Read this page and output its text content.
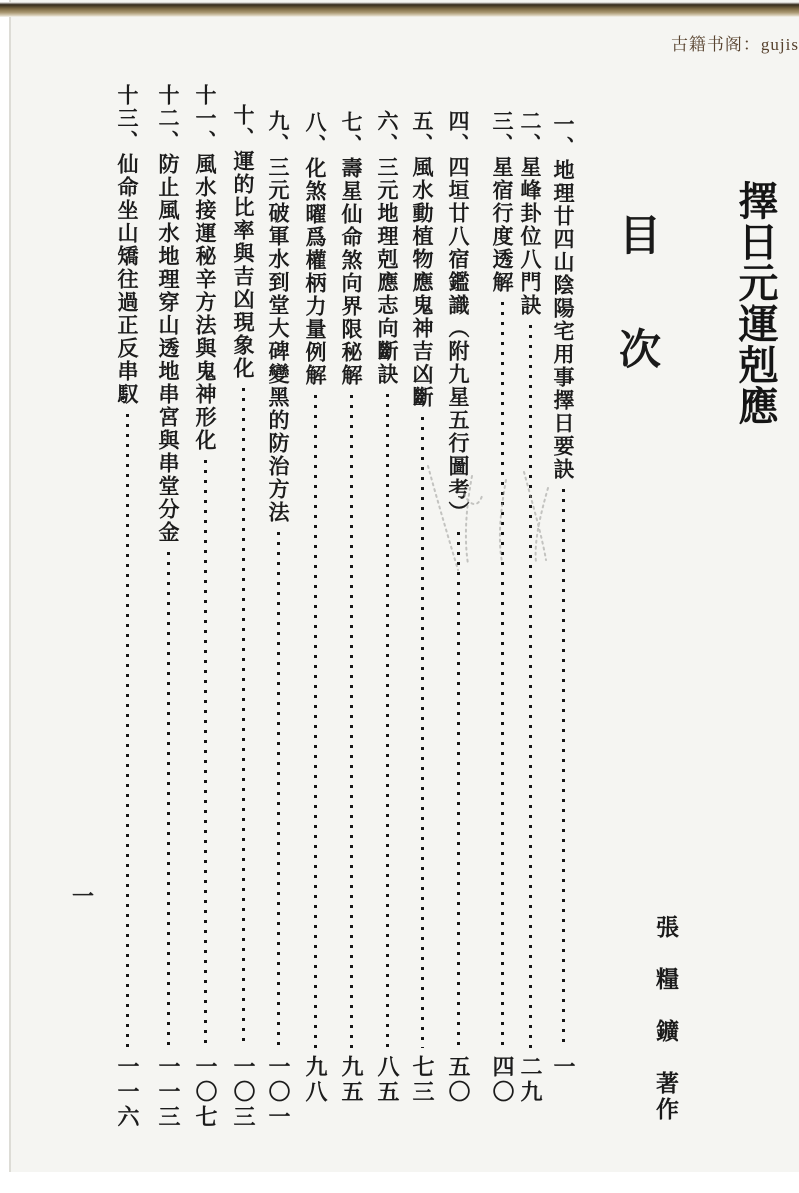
古籍书阁：gujis
擇日元運剋應
目次
一、地理廿四山陰陽宅用事擇日要訣
一
二、星峰卦位八門訣
二九
三、星宿行度透解
四〇
四、四垣廿八宿鑑識（附九星五行圖考）
五〇
五、風水動植物應鬼神吉凶斷
七三
六、三元地理剋應志向斷訣
八五
七、壽星仙命煞向界限秘解
九五
八、化煞曜爲權柄力量例解
九八
九、三元破軍水到堂大碑變黑的防治方法
一〇一
十、運的比率與吉凶現象化
一〇三
十一、風水接運秘辛方法與鬼神形化
一〇七
十二、防止風水地理穿山透地串宮與串堂分金
一一三
十三、仙命坐山矯往過正反串馭
一一六	張　糧　鑛　著作
一
